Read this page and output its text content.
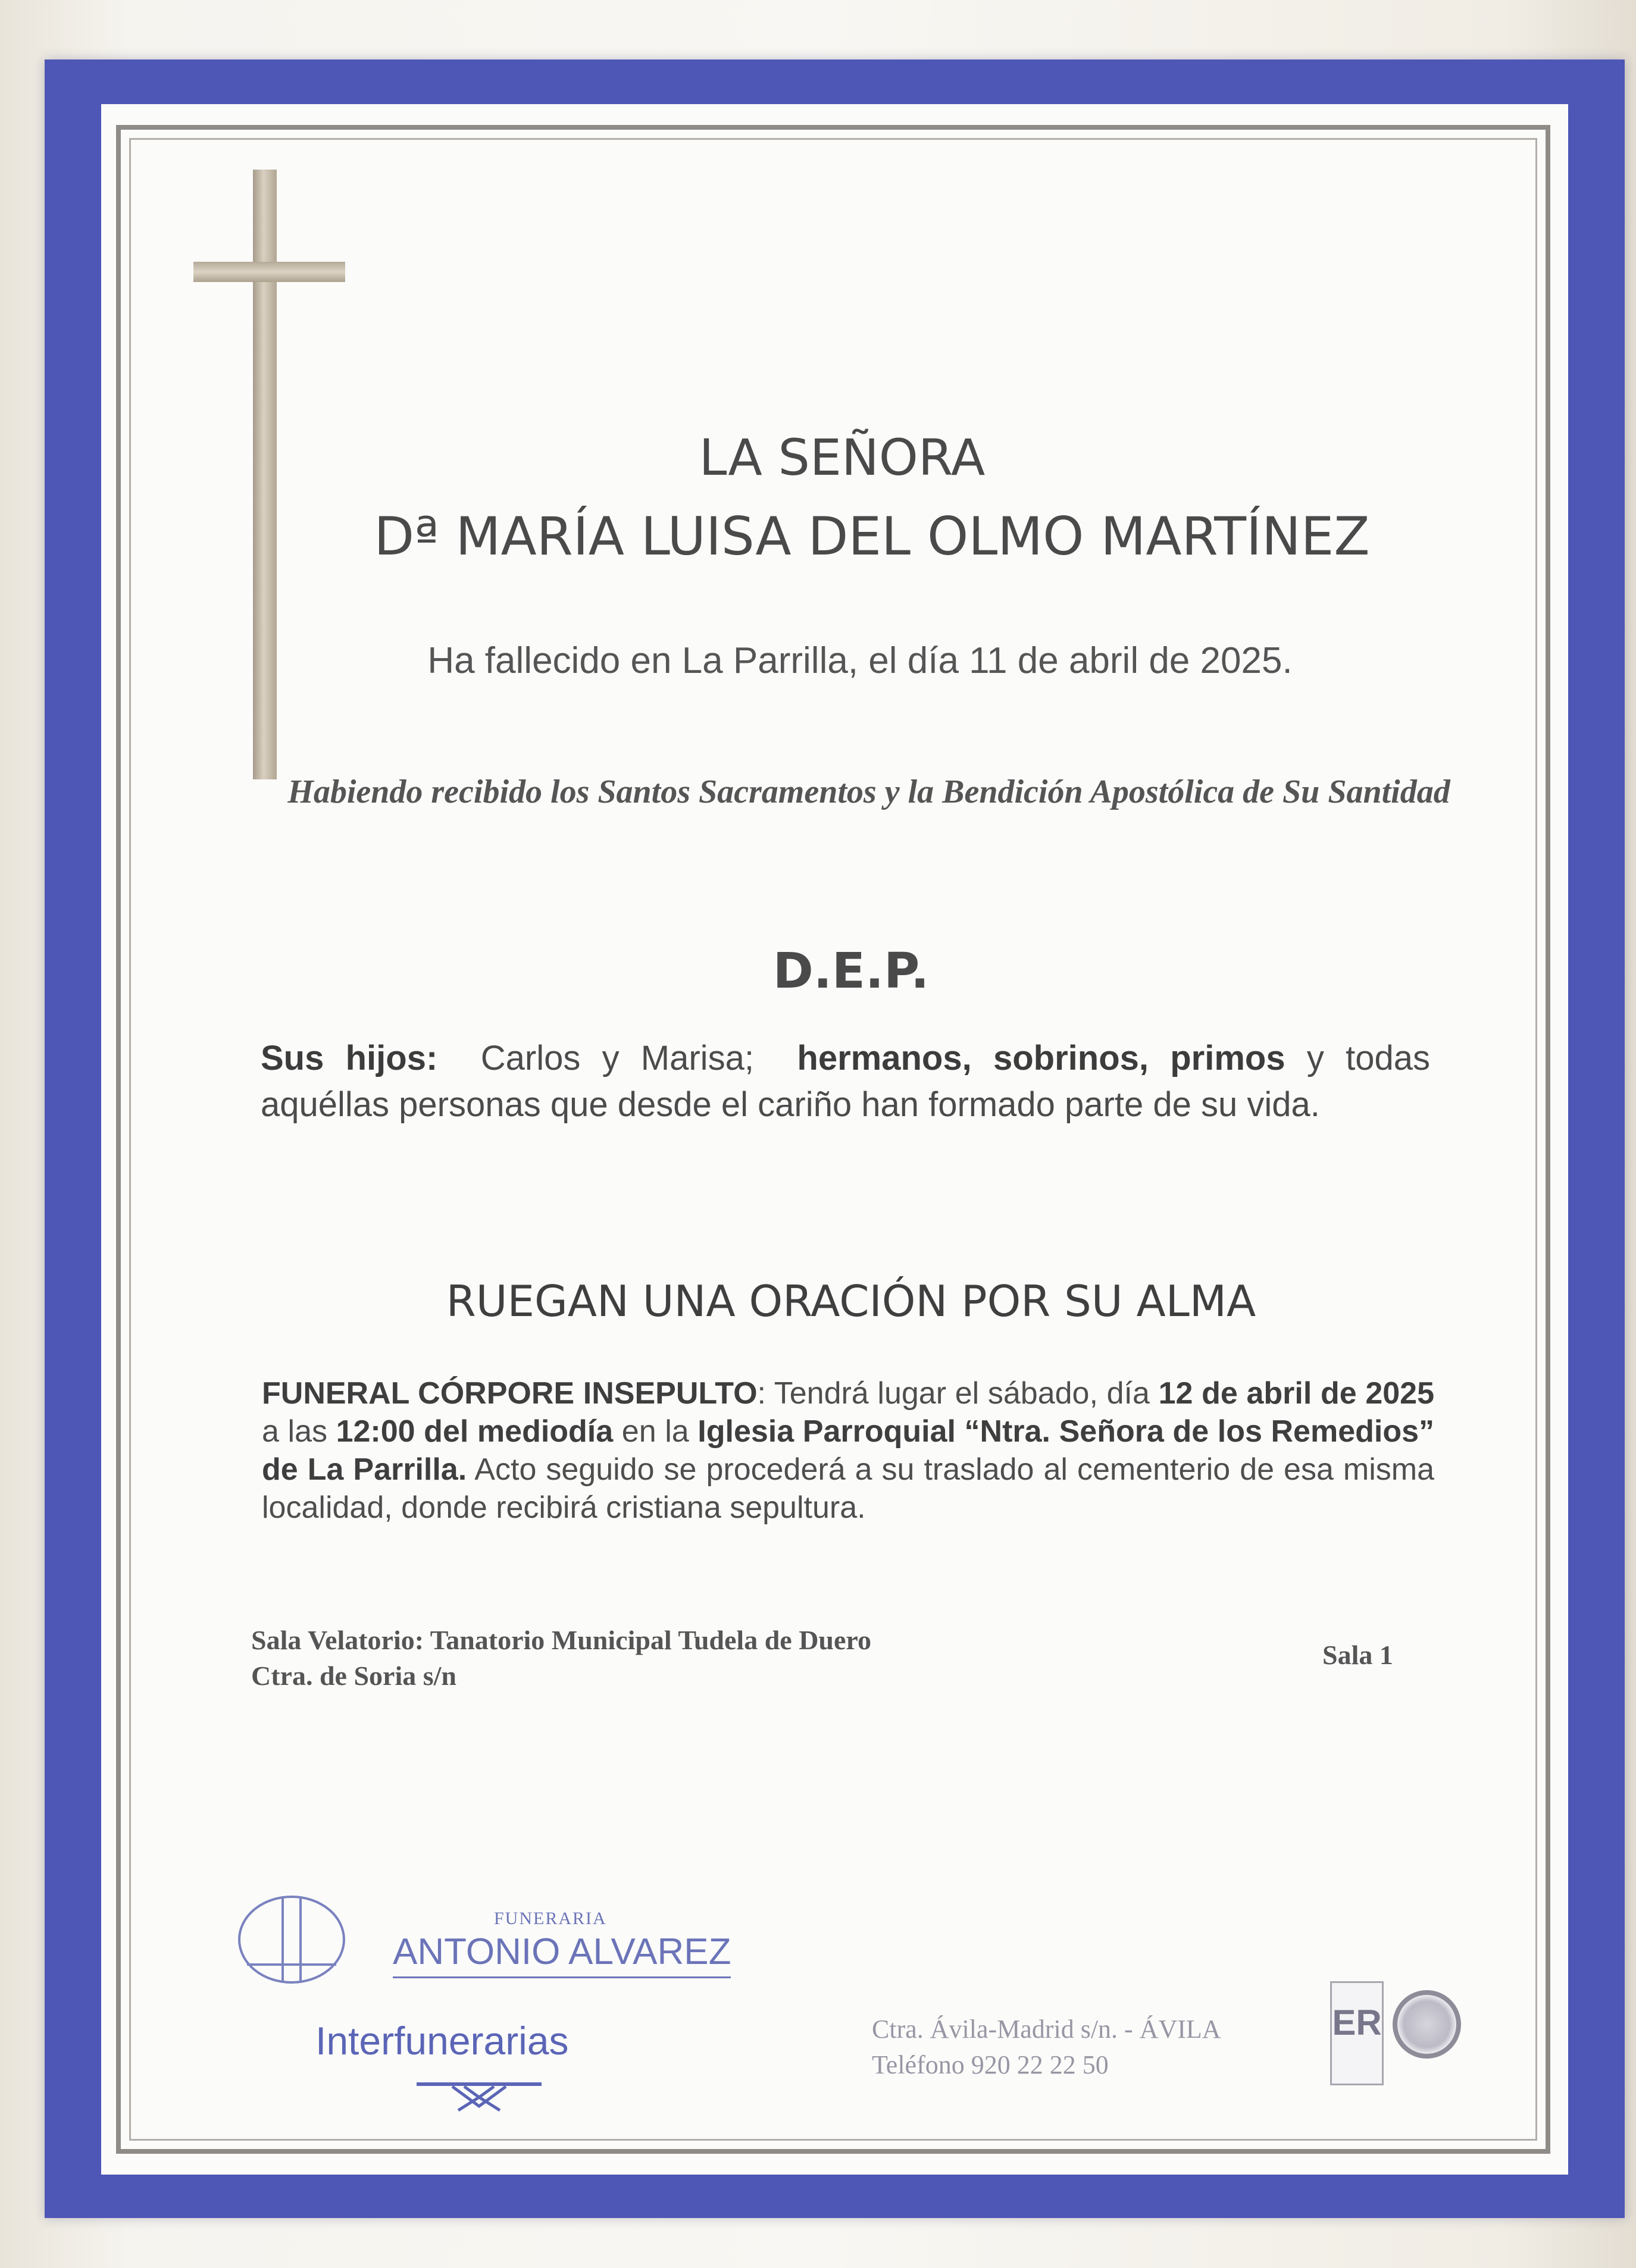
LA SEÑORA

Dª MARÍA LUISA DEL OLMO MARTÍNEZ

Ha fallecido en La Parrilla, el día 11 de abril de 2025.

Habiendo recibido los Santos Sacramentos y la Bendición Apostólica de Su Santidad

D.E.P.

Sus hijos: Carlos y Marisa; hermanos, sobrinos, primos y todas aquéllas personas que desde el cariño han formado parte de su vida.

RUEGAN UNA ORACIÓN POR SU ALMA

FUNERAL CÓRPORE INSEPULTO: Tendrá lugar el sábado, día 12 de abril de 2025 a las 12:00 del mediodía en la Iglesia Parroquial “Ntra. Señora de los Remedios” de La Parrilla. Acto seguido se procederá a su traslado al cementerio de esa misma localidad, donde recibirá cristiana sepultura.

Sala Velatorio: Tanatorio Municipal Tudela de Duero

Ctra. de Soria s/n

Sala 1

FUNERARIA

ANTONIO ALVAREZ

Interfunerarias	Ctra. Ávila-Madrid s/n. - ÁVILA

Teléfono 920 22 22 50

ER
